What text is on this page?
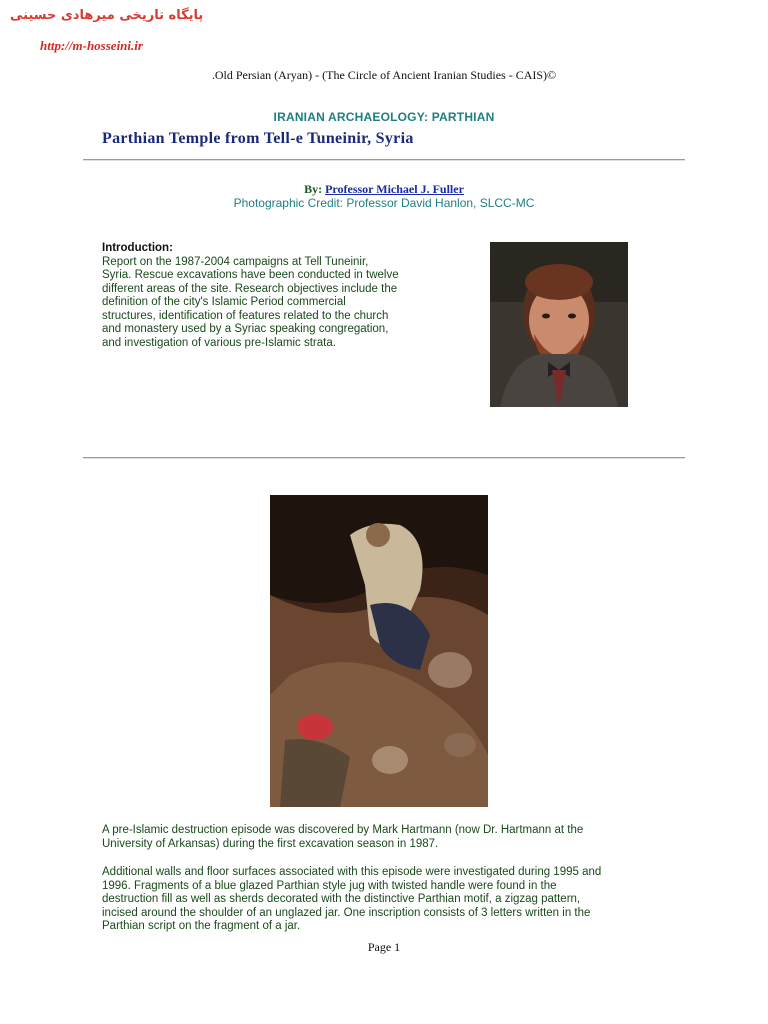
پایگاه تاریخی میرهادی حسینی
http://m-hosseini.ir
.Old Persian (Aryan) - (The Circle of Ancient Iranian Studies - CAIS)©
IRANIAN ARCHAEOLOGY: PARTHIAN
Parthian Temple from Tell-e Tuneinir, Syria
By: Professor Michael J. Fuller
Photographic Credit: Professor David Hanlon, SLCC-MC
Introduction:
Report on the 1987-2004 campaigns at Tell Tuneinir,
Syria. Rescue excavations have been conducted in twelve
different areas of the site. Research objectives include the
definition of the city's Islamic Period commercial
structures, identification of features related to the church
and monastery used by a Syriac speaking congregation,
and investigation of various pre-Islamic strata.
A pre-Islamic destruction episode was discovered by Mark Hartmann (now Dr. Hartmann at the
University of Arkansas) during the first excavation season in 1987.
Additional walls and floor surfaces associated with this episode were investigated during 1995 and
1996. Fragments of a blue glazed Parthian style jug with twisted handle were found in the
destruction fill as well as sherds decorated with the distinctive Parthian motif, a zigzag pattern,
incised around the shoulder of an unglazed jar. One inscription consists of 3 letters written in the
Parthian script on the fragment of a jar.
Page 1
